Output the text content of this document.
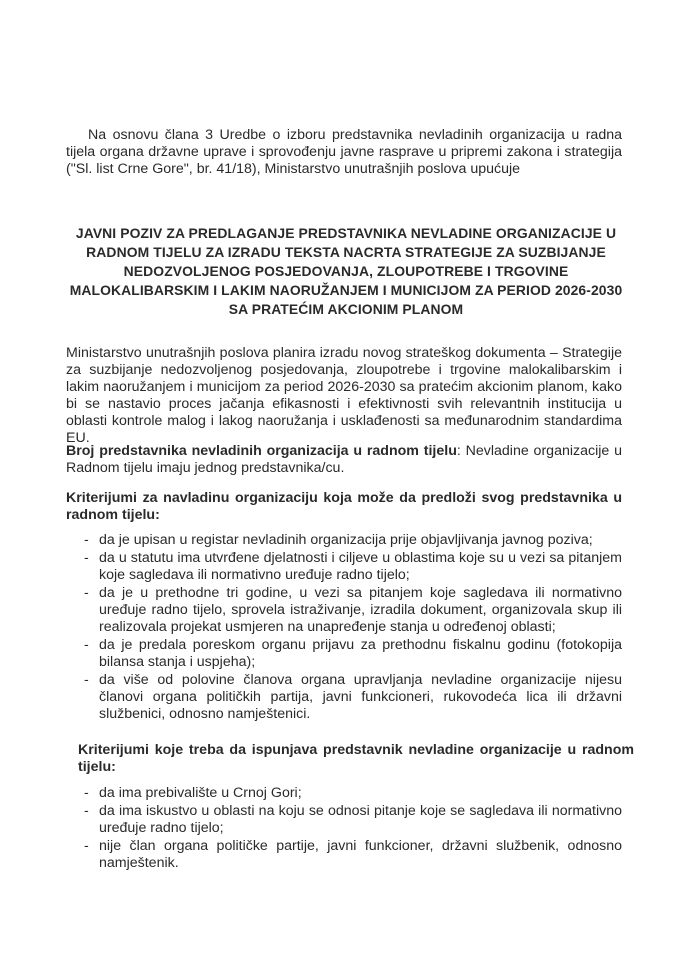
Na osnovu člana 3 Uredbe o izboru predstavnika nevladinih organizacija u radna tijela organa državne uprave i sprovođenju javne rasprave u pripremi zakona i strategija ("Sl. list Crne Gore", br. 41/18), Ministarstvo unutrašnjih poslova upućuje

JAVNI POZIV ZA PREDLAGANJE PREDSTAVNIKA NEVLADINE ORGANIZACIJE U RADNOM TIJELU ZA IZRADU TEKSTA NACRTA STRATEGIJE ZA SUZBIJANJE NEDOZVOLJENOG POSJEDOVANJA, ZLOUPOTREBE I TRGOVINE MALOKALIBARSKIM I LAKIM NAORUŽANJEM I MUNICIJOM ZA PERIOD 2026-2030 SA PRATEĆIM AKCIONIM PLANOM

Ministarstvo unutrašnjih poslova planira izradu novog strateškog dokumenta – Strategije za suzbijanje nedozvoljenog posjedovanja, zloupotrebe i trgovine malokalibarskim i lakim naoružanjem i municijom za period 2026-2030 sa pratećim akcionim planom, kako bi se nastavio proces jačanja efikasnosti i efektivnosti svih relevantnih institucija u oblasti kontrole malog i lakog naoružanja i usklađenosti sa međunarodnim standardima EU.

Broj predstavnika nevladinih organizacija u radnom tijelu: Nevladine organizacije u Radnom tijelu imaju jednog predstavnika/cu.

Kriterijumi za navladinu organizaciju koja može da predloži svog predstavnika u radnom tijelu:

- da je upisan u registar nevladinih organizacija prije objavljivanja javnog poziva;
- da u statutu ima utvrđene djelatnosti i ciljeve u oblastima koje su u vezi sa pitanjem koje sagledava ili normativno uređuje radno tijelo;
- da je u prethodne tri godine, u vezi sa pitanjem koje sagledava ili normativno uređuje radno tijelo, sprovela istraživanje, izradila dokument, organizovala skup ili realizovala projekat usmjeren na unapređenje stanja u određenoj oblasti;
- da je predala poreskom organu prijavu za prethodnu fiskalnu godinu (fotokopija bilansa stanja i uspjeha);
- da više od polovine članova organa upravljanja nevladine organizacije nijesu članovi organa političkih partija, javni funkcioneri, rukovodeća lica ili državni službenici, odnosno namještenici.

Kriterijumi koje treba da ispunjava predstavnik nevladine organizacije u radnom tijelu:

- da ima prebivalište u Crnoj Gori;
- da ima iskustvo u oblasti na koju se odnosi pitanje koje se sagledava ili normativno uređuje radno tijelo;
- nije član organa političke partije, javni funkcioner, državni službenik, odnosno namještenik.
